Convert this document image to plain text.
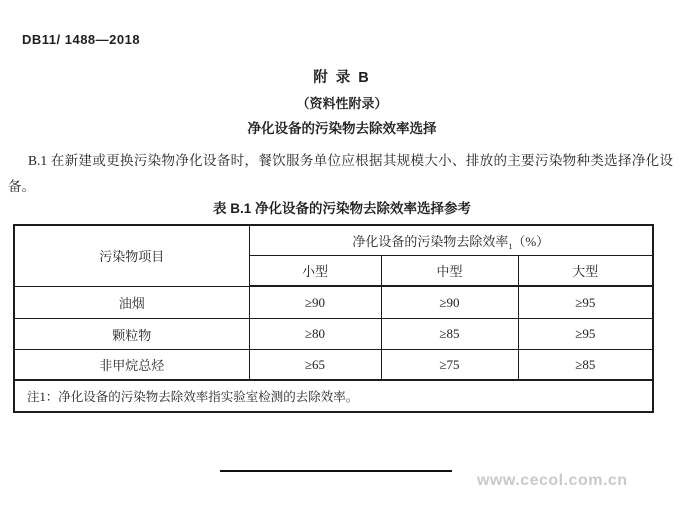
DB11/ 1488—2018
附 录 B
（资料性附录）
净化设备的污染物去除效率选择

B.1 在新建或更换污染物净化设备时，餐饮服务单位应根据其规模大小、排放的主要污染物种类选择净化设备。

表 B.1 净化设备的污染物去除效率选择参考
污染物项目	净化设备的污染物去除效率$_1$（%）		
	小型	中型	大型
油烟	≥90	≥90	≥95
颗粒物	≥80	≥85	≥95
非甲烷总烃	≥65	≥75	≥85
注1：净化设备的污染物去除效率指实验室检测的去除效率。			
www.cecol.com.cn
